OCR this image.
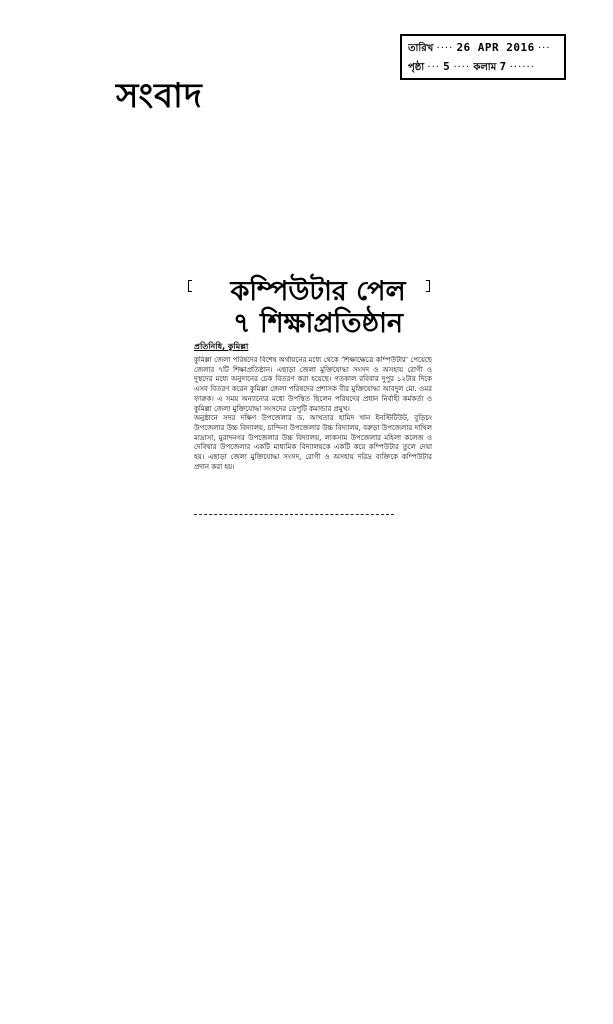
তারিখ ···· 26 APR 2016 ···
পৃষ্ঠা ··· 5 ···· কলাম 7 ······
সংবাদ
কম্পিউটার পেল
৭ শিক্ষাপ্রতিষ্ঠান
প্রতিনিধি, কুমিল্লা

কুমিল্লা জেলা পরিষদের বিশেষ অর্থায়নের মধ্যে থেকে ‘শিক্ষাক্ষেত্রে কম্পিউটার’ পেয়েছে জেলার ৭টি শিক্ষাপ্রতিষ্ঠান। এছাড়া জেলা মুক্তিযোদ্ধা সংসদ ও অসহায় রোগী ও দুস্থদের মধ্যে অনুদানের চেক বিতরণ করা হয়েছে। গতকাল রবিবার দুপুর ১২টার দিকে এসব বিতরণ করেন কুমিল্লা জেলা পরিষদের প্রশাসক বীর মুক্তিযোদ্ধা আবদুল মো. ওমর ফারুক। এ সময় অন্যান্যের মধ্যে উপস্থিত ছিলেন পরিষদের প্রধান নির্বাহী কর্মকর্তা ও কুমিল্লা জেলা মুক্তিযোদ্ধা সংসদের ডেপুটি কমান্ডার প্রমুখ।

অনুষ্ঠানে সদর দক্ষিণ উপজেলার ড. আখতার হামিদ খান ইনস্টিটিউট, বুড়িচং উপজেলার উচ্চ বিদ্যালয়, চান্দিনা উপজেলার উচ্চ বিদ্যালয়, বরুড়া উপজেলার দাখিল মাদ্রাসা, মুরাদনগর উপজেলার উচ্চ বিদ্যালয়, লাকসাম উপজেলার মহিলা কলেজ ও দেবিদ্বার উপজেলার একটি মাধ্যমিক বিদ্যালয়কে একটি করে কম্পিউটার তুলে দেয়া হয়। এছাড়া জেলা মুক্তিযোদ্ধা সংসদ, রোগী ও অসহায় দরিদ্র ব্যক্তিকে কম্পিউটার প্রদান করা হয়।
